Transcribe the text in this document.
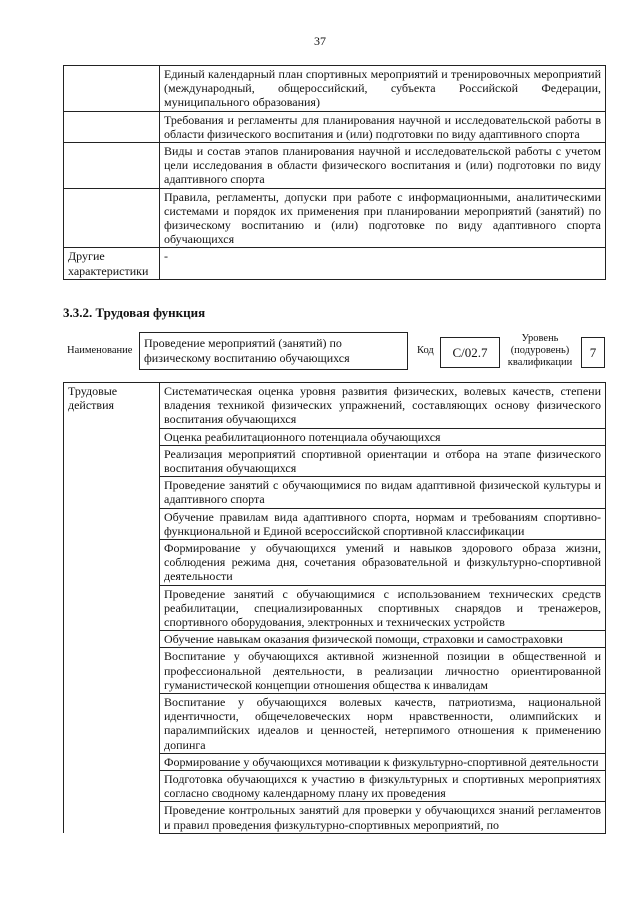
37
	Единый календарный план спортивных мероприятий и тренировочных мероприятий (международный, общероссийский, субъекта Российской Федерации, муниципального образования)
	Требования и регламенты для планирования научной и исследовательской работы в области физического воспитания и (или) подготовки по виду адаптивного спорта
	Виды и состав этапов планирования научной и исследовательской работы с учетом цели исследования в области физического воспитания и (или) подготовки по виду адаптивного спорта
	Правила, регламенты, допуски при работе с информационными, аналитическими системами и порядок их применения при планировании мероприятий (занятий) по физическому воспитанию и (или) подготовке по виду адаптивного спорта обучающихся
Другие характеристики	-
3.3.2. Трудовая функция
Наименование
Проведение мероприятий (занятий) по физическому воспитанию обучающихся
Код	C/02.7
Уровень (подуровень) квалификации
7
Трудовые действия	Систематическая оценка уровня развития физических, волевых качеств, степени владения техникой физических упражнений, составляющих основу физического воспитания обучающихся
Оценка реабилитационного потенциала обучающихся
Реализация мероприятий спортивной ориентации и отбора на этапе физического воспитания обучающихся
Проведение занятий с обучающимися по видам адаптивной физической культуры и адаптивного спорта
Обучение правилам вида адаптивного спорта, нормам и требованиям спортивно-функциональной и Единой всероссийской спортивной классификации
Формирование у обучающихся умений и навыков здорового образа жизни, соблюдения режима дня, сочетания образовательной и физкультурно-спортивной деятельности
Проведение занятий с обучающимися с использованием технических средств реабилитации, специализированных спортивных снарядов и тренажеров, спортивного оборудования, электронных и технических устройств
Обучение навыкам оказания физической помощи, страховки и самостраховки
Воспитание у обучающихся активной жизненной позиции в общественной и профессиональной деятельности, в реализации личностно ориентированной гуманистической концепции отношения общества к инвалидам
Воспитание у обучающихся волевых качеств, патриотизма, национальной идентичности, общечеловеческих норм нравственности, олимпийских и паралимпийских идеалов и ценностей, нетерпимого отношения к применению допинга
Формирование у обучающихся мотивации к физкультурно-спортивной деятельности
Подготовка обучающихся к участию в физкультурных и спортивных мероприятиях согласно сводному календарному плану их проведения
Проведение контрольных занятий для проверки у обучающихся знаний регламентов и правил проведения физкультурно-спортивных мероприятий, по
